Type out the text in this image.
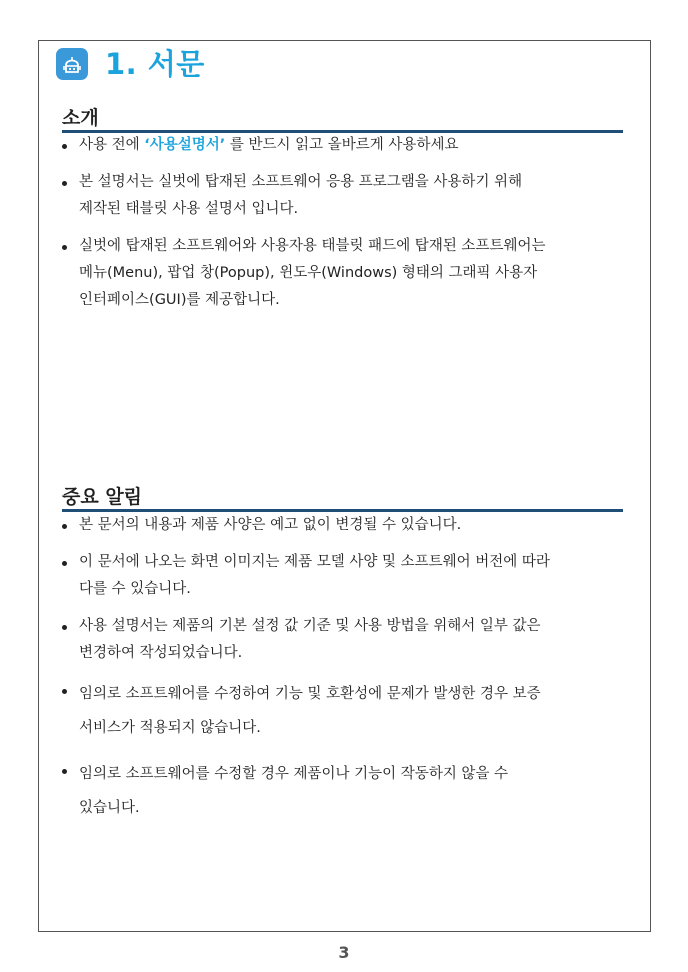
1. 서문
소개
사용 전에 ‘사용설명서’ 를 반드시 읽고 올바르게 사용하세요
본 설명서는 실벗에 탑재된 소프트웨어 응용 프로그램을 사용하기 위해
제작된 태블릿 사용 설명서 입니다.
실벗에 탑재된 소프트웨어와 사용자용 태블릿 패드에 탑재된 소프트웨어는
메뉴(Menu), 팝업 창(Popup), 윈도우(Windows) 형태의 그래픽 사용자
인터페이스(GUI)를 제공합니다.
중요 알림
본 문서의 내용과 제품 사양은 예고 없이 변경될 수 있습니다.
이 문서에 나오는 화면 이미지는 제품 모델 사양 및 소프트웨어 버전에 따라
다를 수 있습니다.
사용 설명서는 제품의 기본 설정 값 기준 및 사용 방법을 위해서 일부 값은
변경하여 작성되었습니다.
임의로 소프트웨어를 수정하여 기능 및 호환성에 문제가 발생한 경우 보증
서비스가 적용되지 않습니다.
임의로 소프트웨어를 수정할 경우 제품이나 기능이 작동하지 않을 수
있습니다.
3
